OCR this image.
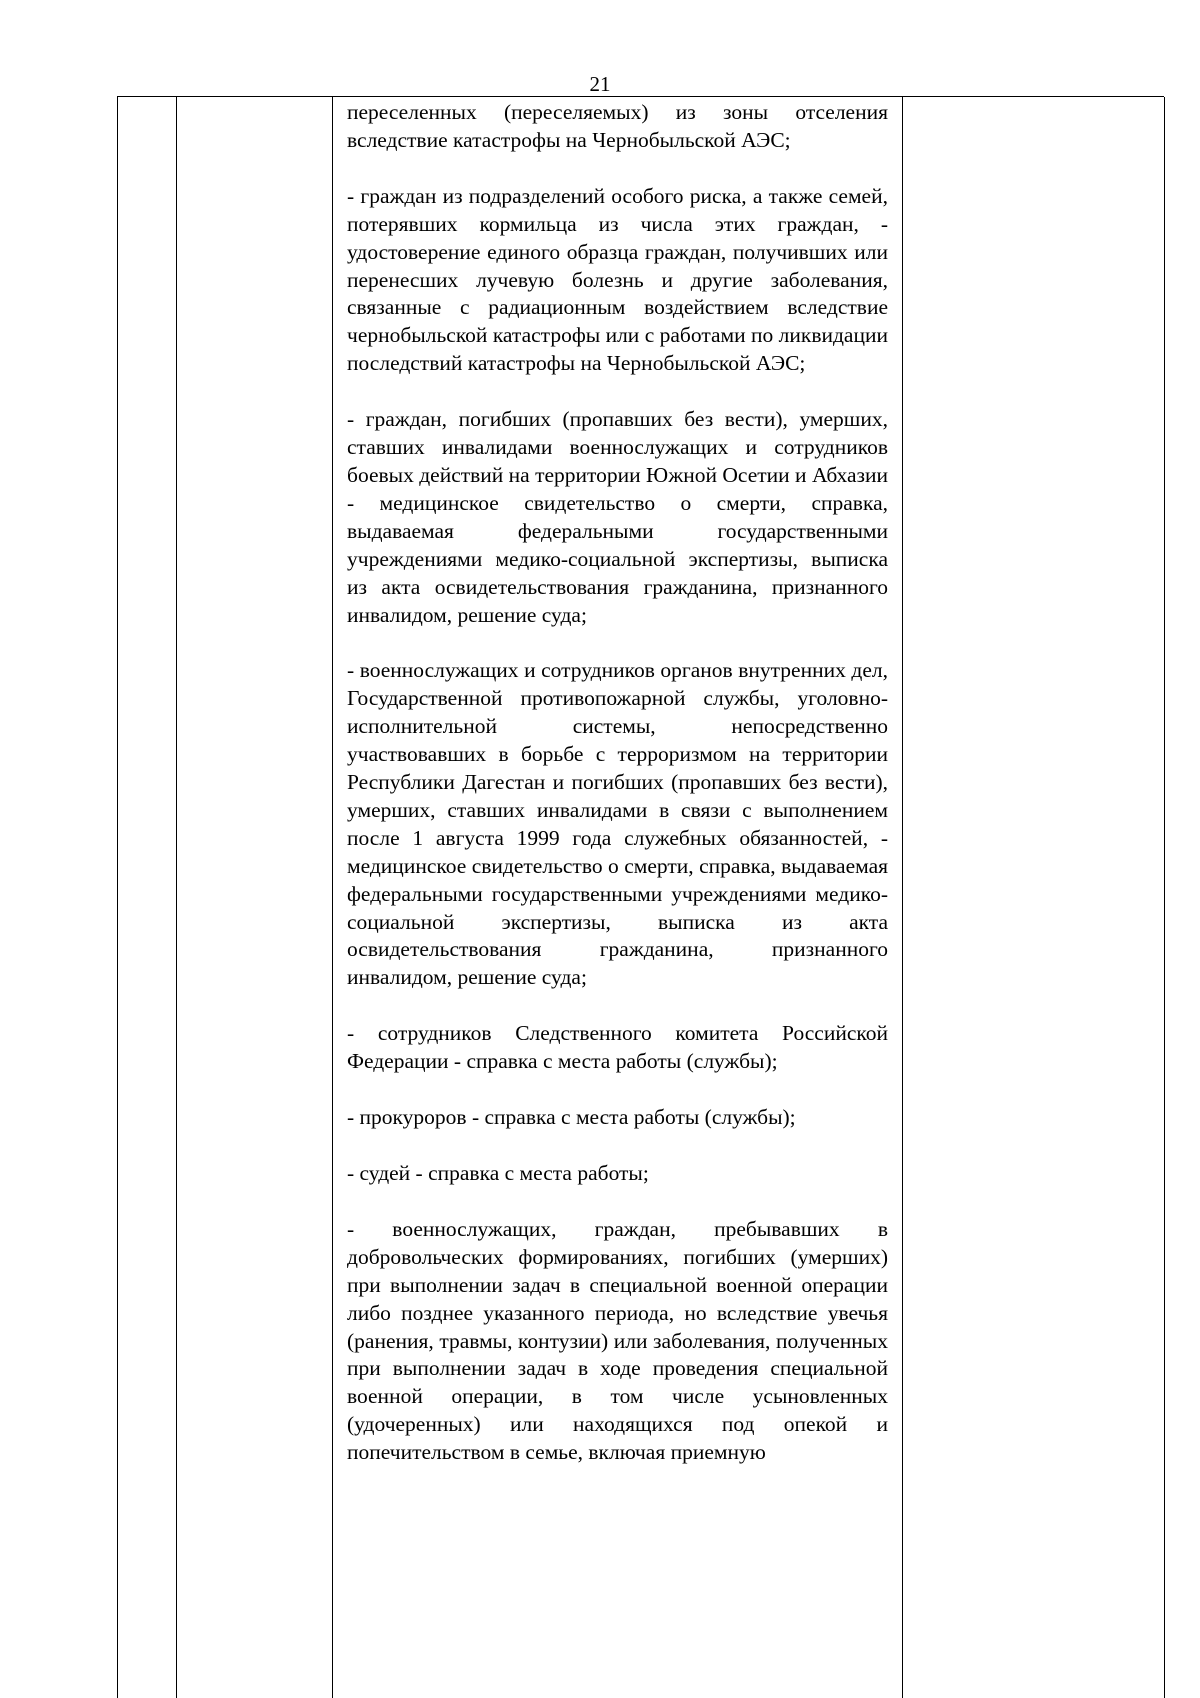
21

переселенных (переселяемых) из зоны отселения вследствие катастрофы на Чернобыльской АЭС;

- граждан из подразделений особого риска, а также семей, потерявших кормильца из числа этих граждан, - удостоверение единого образца граждан, получивших или перенесших лучевую болезнь и другие заболевания, связанные с радиационным воздействием вследствие чернобыльской катастрофы или с работами по ликвидации последствий катастрофы на Чернобыльской АЭС;

- граждан, погибших (пропавших без вести), умерших, ставших инвалидами военнослужащих и сотрудников боевых действий на территории Южной Осетии и Абхазии - медицинское свидетельство о смерти, справка, выдаваемая федеральными государственными учреждениями медико-социальной экспертизы, выписка из акта освидетельствования гражданина, признанного инвалидом, решение суда;

- военнослужащих и сотрудников органов внутренних дел, Государственной противопожарной службы, уголовно-исполнительной системы, непосредственно участвовавших в борьбе с терроризмом на территории Республики Дагестан и погибших (пропавших без вести), умерших, ставших инвалидами в связи с выполнением после 1 августа 1999 года служебных обязанностей, - медицинское свидетельство о смерти, справка, выдаваемая федеральными государственными учреждениями медико-социальной экспертизы, выписка из акта освидетельствования гражданина, признанного инвалидом, решение суда;

- сотрудников Следственного комитета Российской Федерации - справка с места работы (службы);

- прокуроров - справка с места работы (службы);

- судей - справка с места работы;

- военнослужащих, граждан, пребывавших в добровольческих формированиях, погибших (умерших) при выполнении задач в специальной военной операции либо позднее указанного периода, но вследствие увечья (ранения, травмы, контузии) или заболевания, полученных при выполнении задач в ходе проведения специальной военной операции, в том числе усыновленных (удочеренных) или находящихся под опекой и попечительством в семье, включая приемную
